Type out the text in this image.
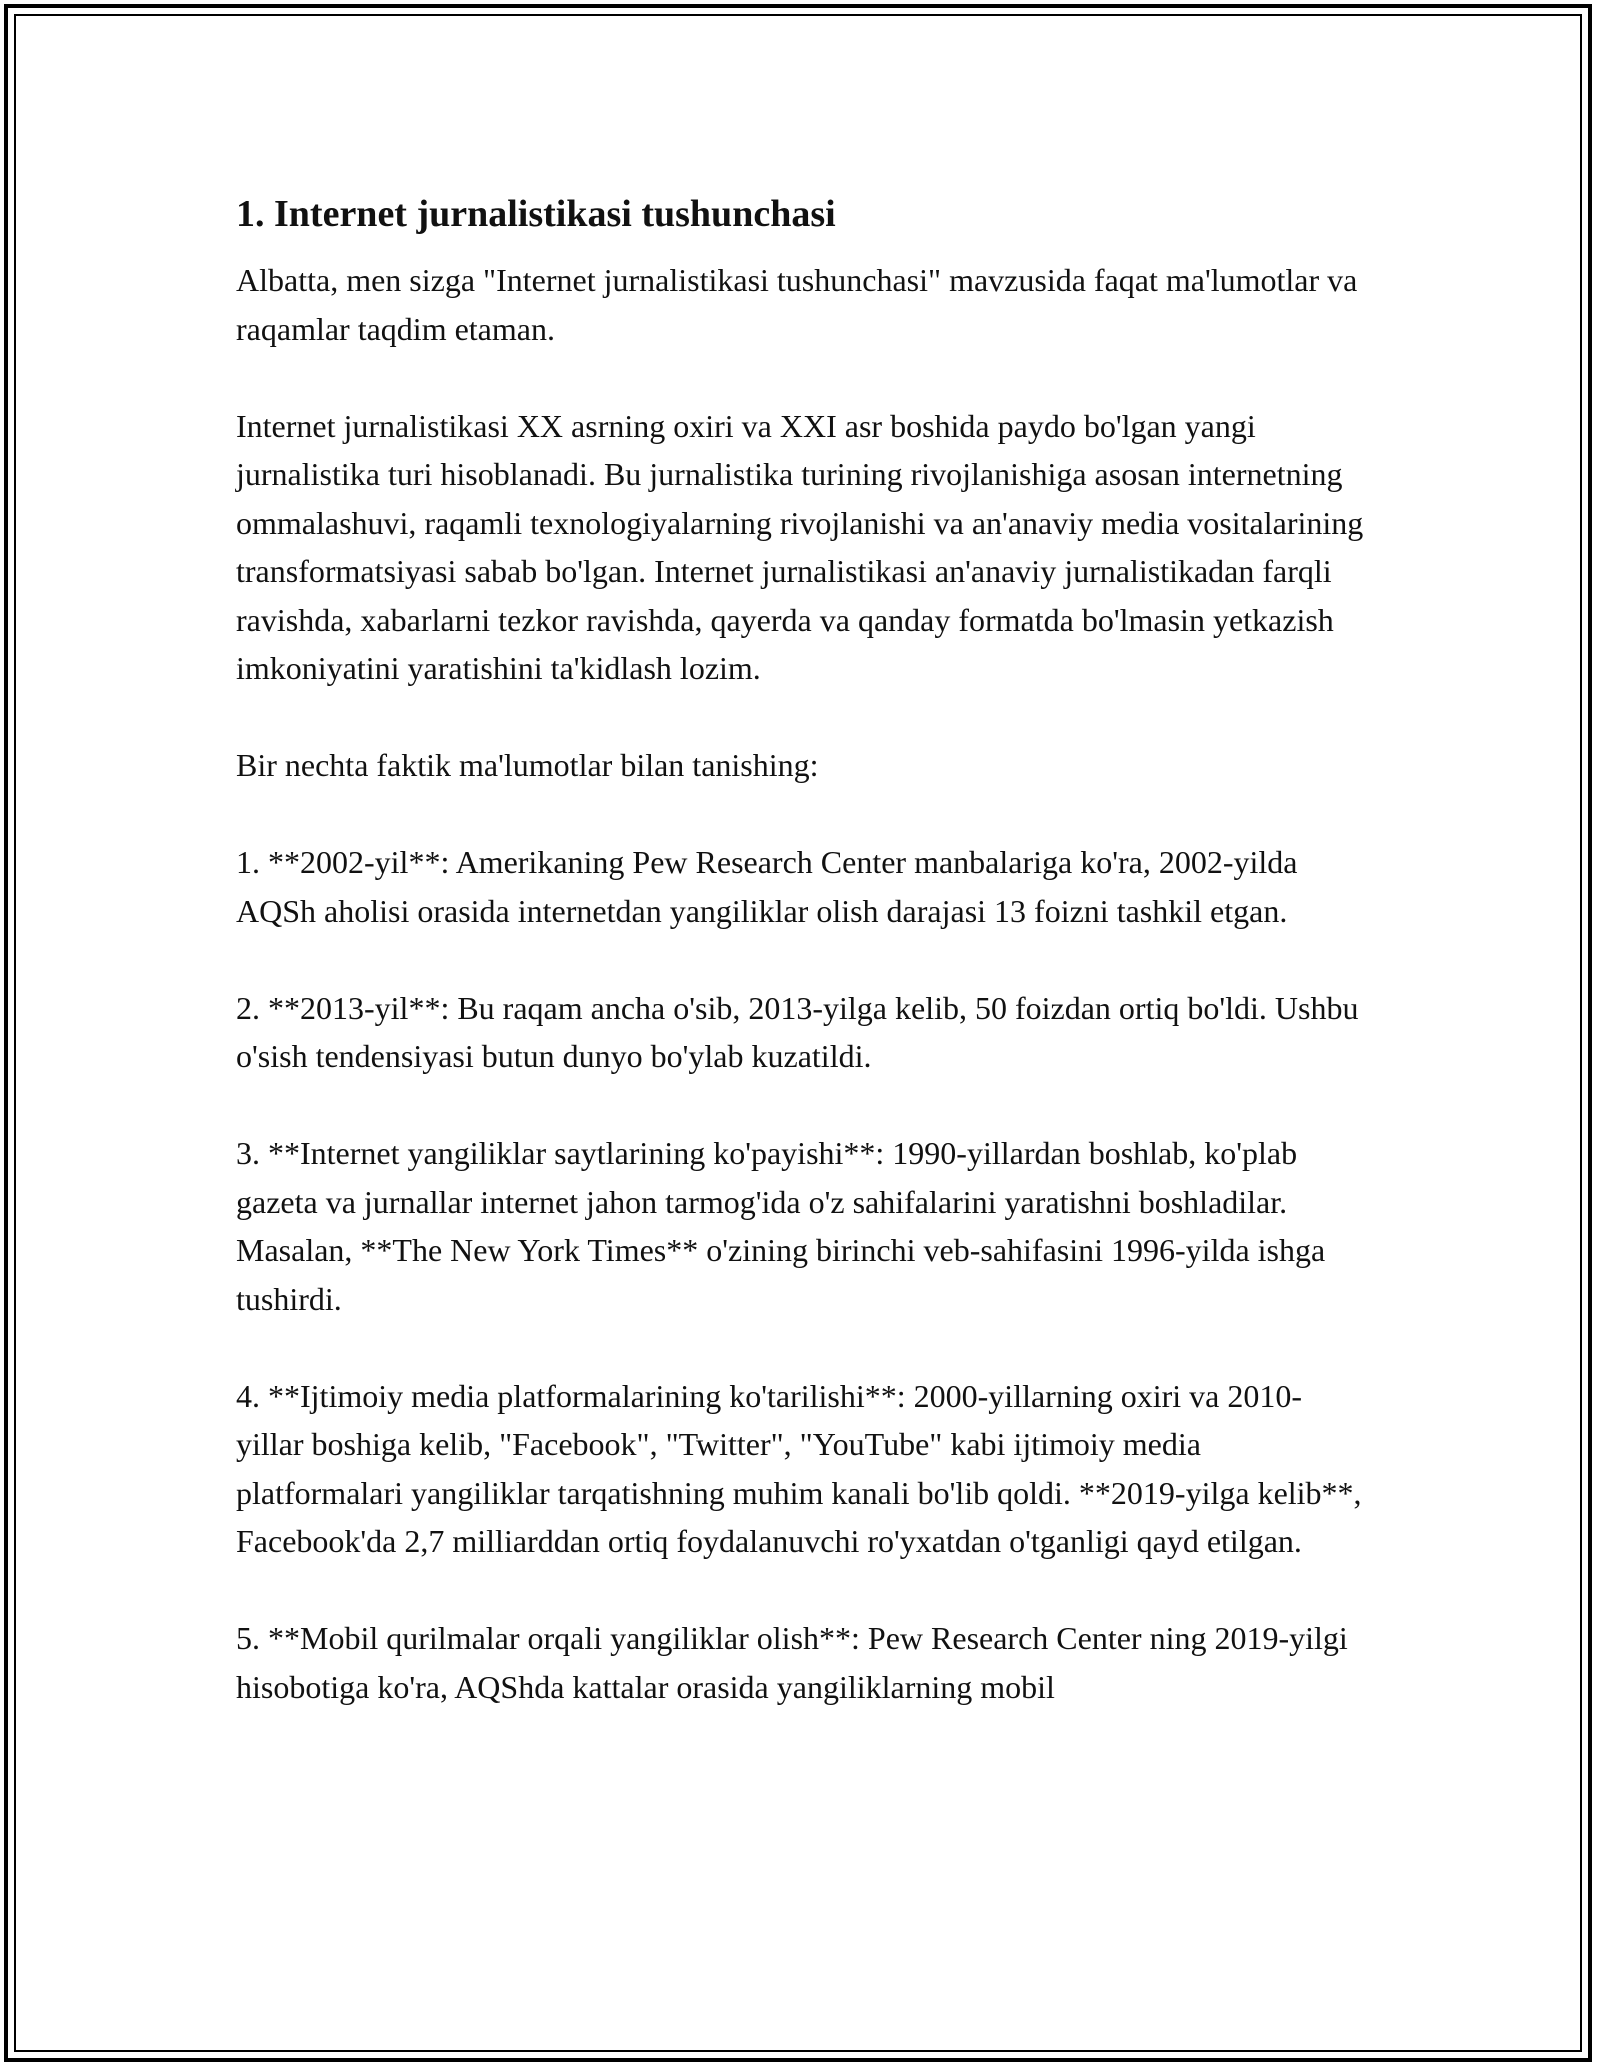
1. Internet jurnalistikasi tushunchasi

Albatta, men sizga "Internet jurnalistikasi tushunchasi" mavzusida faqat ma'lumotlar va raqamlar taqdim etaman.

Internet jurnalistikasi XX asrning oxiri va XXI asr boshida paydo bo'lgan yangi jurnalistika turi hisoblanadi. Bu jurnalistika turining rivojlanishiga asosan internetning ommalashuvi, raqamli texnologiyalarning rivojlanishi va an'anaviy media vositalarining transformatsiyasi sabab bo'lgan. Internet jurnalistikasi an'anaviy jurnalistikadan farqli ravishda, xabarlarni tezkor ravishda, qayerda va qanday formatda bo'lmasin yetkazish imkoniyatini yaratishini ta'kidlash lozim.

Bir nechta faktik ma'lumotlar bilan tanishing:

1. **2002-yil**: Amerikaning Pew Research Center manbalariga ko'ra, 2002-yilda AQSh aholisi orasida internetdan yangiliklar olish darajasi 13 foizni tashkil etgan.

2. **2013-yil**: Bu raqam ancha o'sib, 2013-yilga kelib, 50 foizdan ortiq bo'ldi. Ushbu o'sish tendensiyasi butun dunyo bo'ylab kuzatildi.

3. **Internet yangiliklar saytlarining ko'payishi**: 1990-yillardan boshlab, ko'plab gazeta va jurnallar internet jahon tarmog'ida o'z sahifalarini yaratishni boshladilar. Masalan, **The New York Times** o'zining birinchi veb-sahifasini 1996-yilda ishga tushirdi.

4. **Ijtimoiy media platformalarining ko'tarilishi**: 2000-yillarning oxiri va 2010-yillar boshiga kelib, "Facebook", "Twitter", "YouTube" kabi ijtimoiy media platformalari yangiliklar tarqatishning muhim kanali bo'lib qoldi. **2019-yilga kelib**, Facebook'da 2,7 milliarddan ortiq foydalanuvchi ro'yxatdan o'tganligi qayd etilgan.

5. **Mobil qurilmalar orqali yangiliklar olish**: Pew Research Center ning 2019-yilgi hisobotiga ko'ra, AQShda kattalar orasida yangiliklarning mobil
